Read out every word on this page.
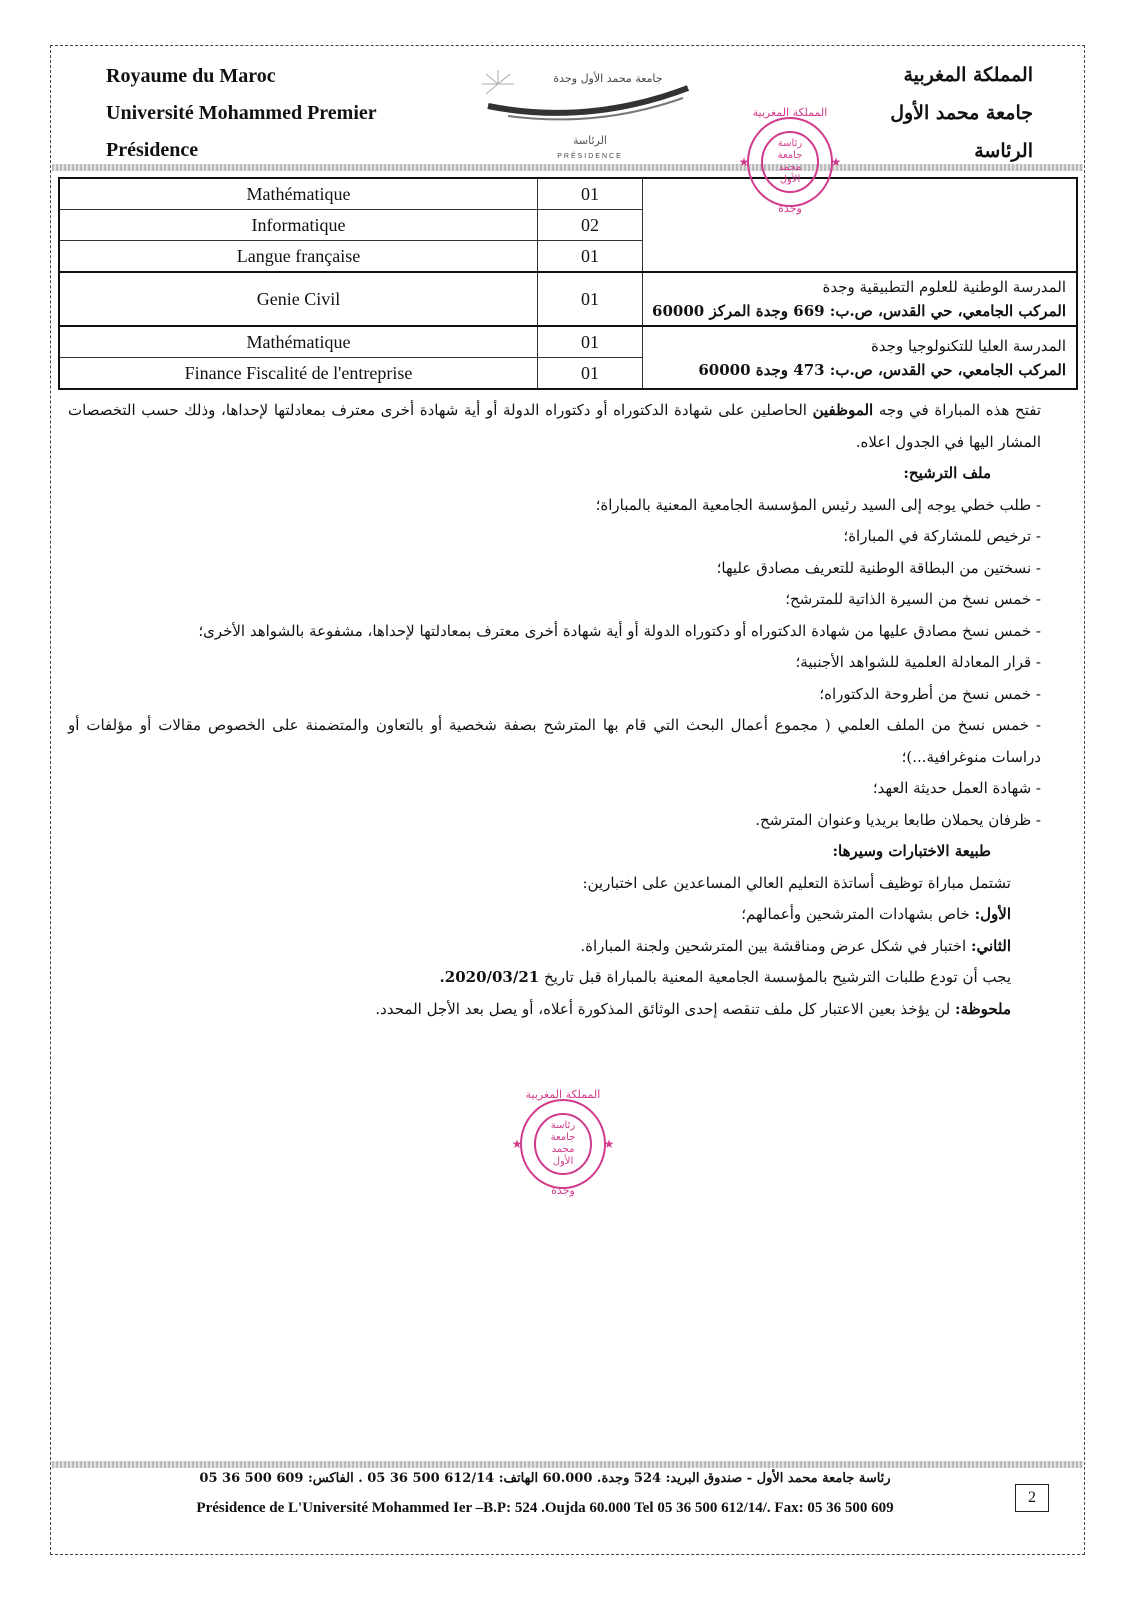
Royaume du Maroc
Université Mohammed Premier
Présidence
جامعة محمد الأول وجدة
الرئاسة
PRÉSIDENCE
المملكة المغربية
جامعة محمد الأول
الرئاسة
Mathématique	01	
Informatique	02	
Langue française	01	
Genie Civil	01	المدرسة الوطنية للعلوم التطبيقية وجدة
المركب الجامعي، حي القدس، ص.ب: 669 وجدة المركز 60000

Mathématique	01	المدرسة العليا للتكنولوجيا وجدة
المركب الجامعي، حي القدس، ص.ب: 473 وجدة 60000

Finance Fiscalité de l'entreprise	01	

تفتح هذه المباراة في وجه الموظفين الحاصلين على شهادة الدكتوراه أو دكتوراه الدولة أو أية شهادة أخرى معترف بمعادلتها لإحداها، وذلك حسب التخصصات المشار اليها في الجدول اعلاه.

ملف الترشيح:

- طلب خطي يوجه إلى السيد رئيس المؤسسة الجامعية المعنية بالمباراة؛

- ترخيص للمشاركة في المباراة؛

- نسختين من البطاقة الوطنية للتعريف مصادق عليها؛

- خمس نسخ من السيرة الذاتية للمترشح؛

- خمس نسخ مصادق عليها من شهادة الدكتوراه أو دكتوراه الدولة أو أية شهادة أخرى معترف بمعادلتها لإحداها، مشفوعة بالشواهد الأخرى؛

- قرار المعادلة العلمية للشواهد الأجنبية؛

- خمس نسخ من أطروحة الدكتوراه؛

- خمس نسخ من الملف العلمي ( مجموع أعمال البحث التي قام بها المترشح بصفة شخصية أو بالتعاون والمتضمنة على الخصوص مقالات أو مؤلفات أو دراسات منوغرافية...)؛

- شهادة العمل حديثة العهد؛

- ظرفان يحملان طابعا بريديا وعنوان المترشح.

طبيعة الاختبارات وسيرها:

تشتمل مباراة توظيف أساتذة التعليم العالي المساعدين على اختبارين:

الأول: خاص بشهادات المترشحين وأعمالهم؛

الثاني: اختبار في شكل عرض ومناقشة بين المترشحين ولجنة المباراة.

يجب أن تودع طلبات الترشيح بالمؤسسة الجامعية المعنية بالمباراة قبل تاريخ 2020/03/21.

ملحوظة: لن يؤخذ بعين الاعتبار كل ملف تنقصه إحدى الوثائق المذكورة أعلاه، أو يصل بعد الأجل المحدد.

المملكة المغربية
رئاسة
جامعة
محمد
الأول
وجدة
★	★
المملكة المغربية
رئاسة
جامعة
محمد
الأول
وجدة
★	★
رئاسة جامعة محمد الأول - صندوق البريد: 524 وجدة. 60.000 الهاتف: 612/14 500 36 05 . الفاكس: 609 500 36 05
Présidence de L'Université Mohammed Ier –B.P: 524 .Oujda 60.000 Tel 05 36 500 612/14/. Fax: 05 36 500 609
2
